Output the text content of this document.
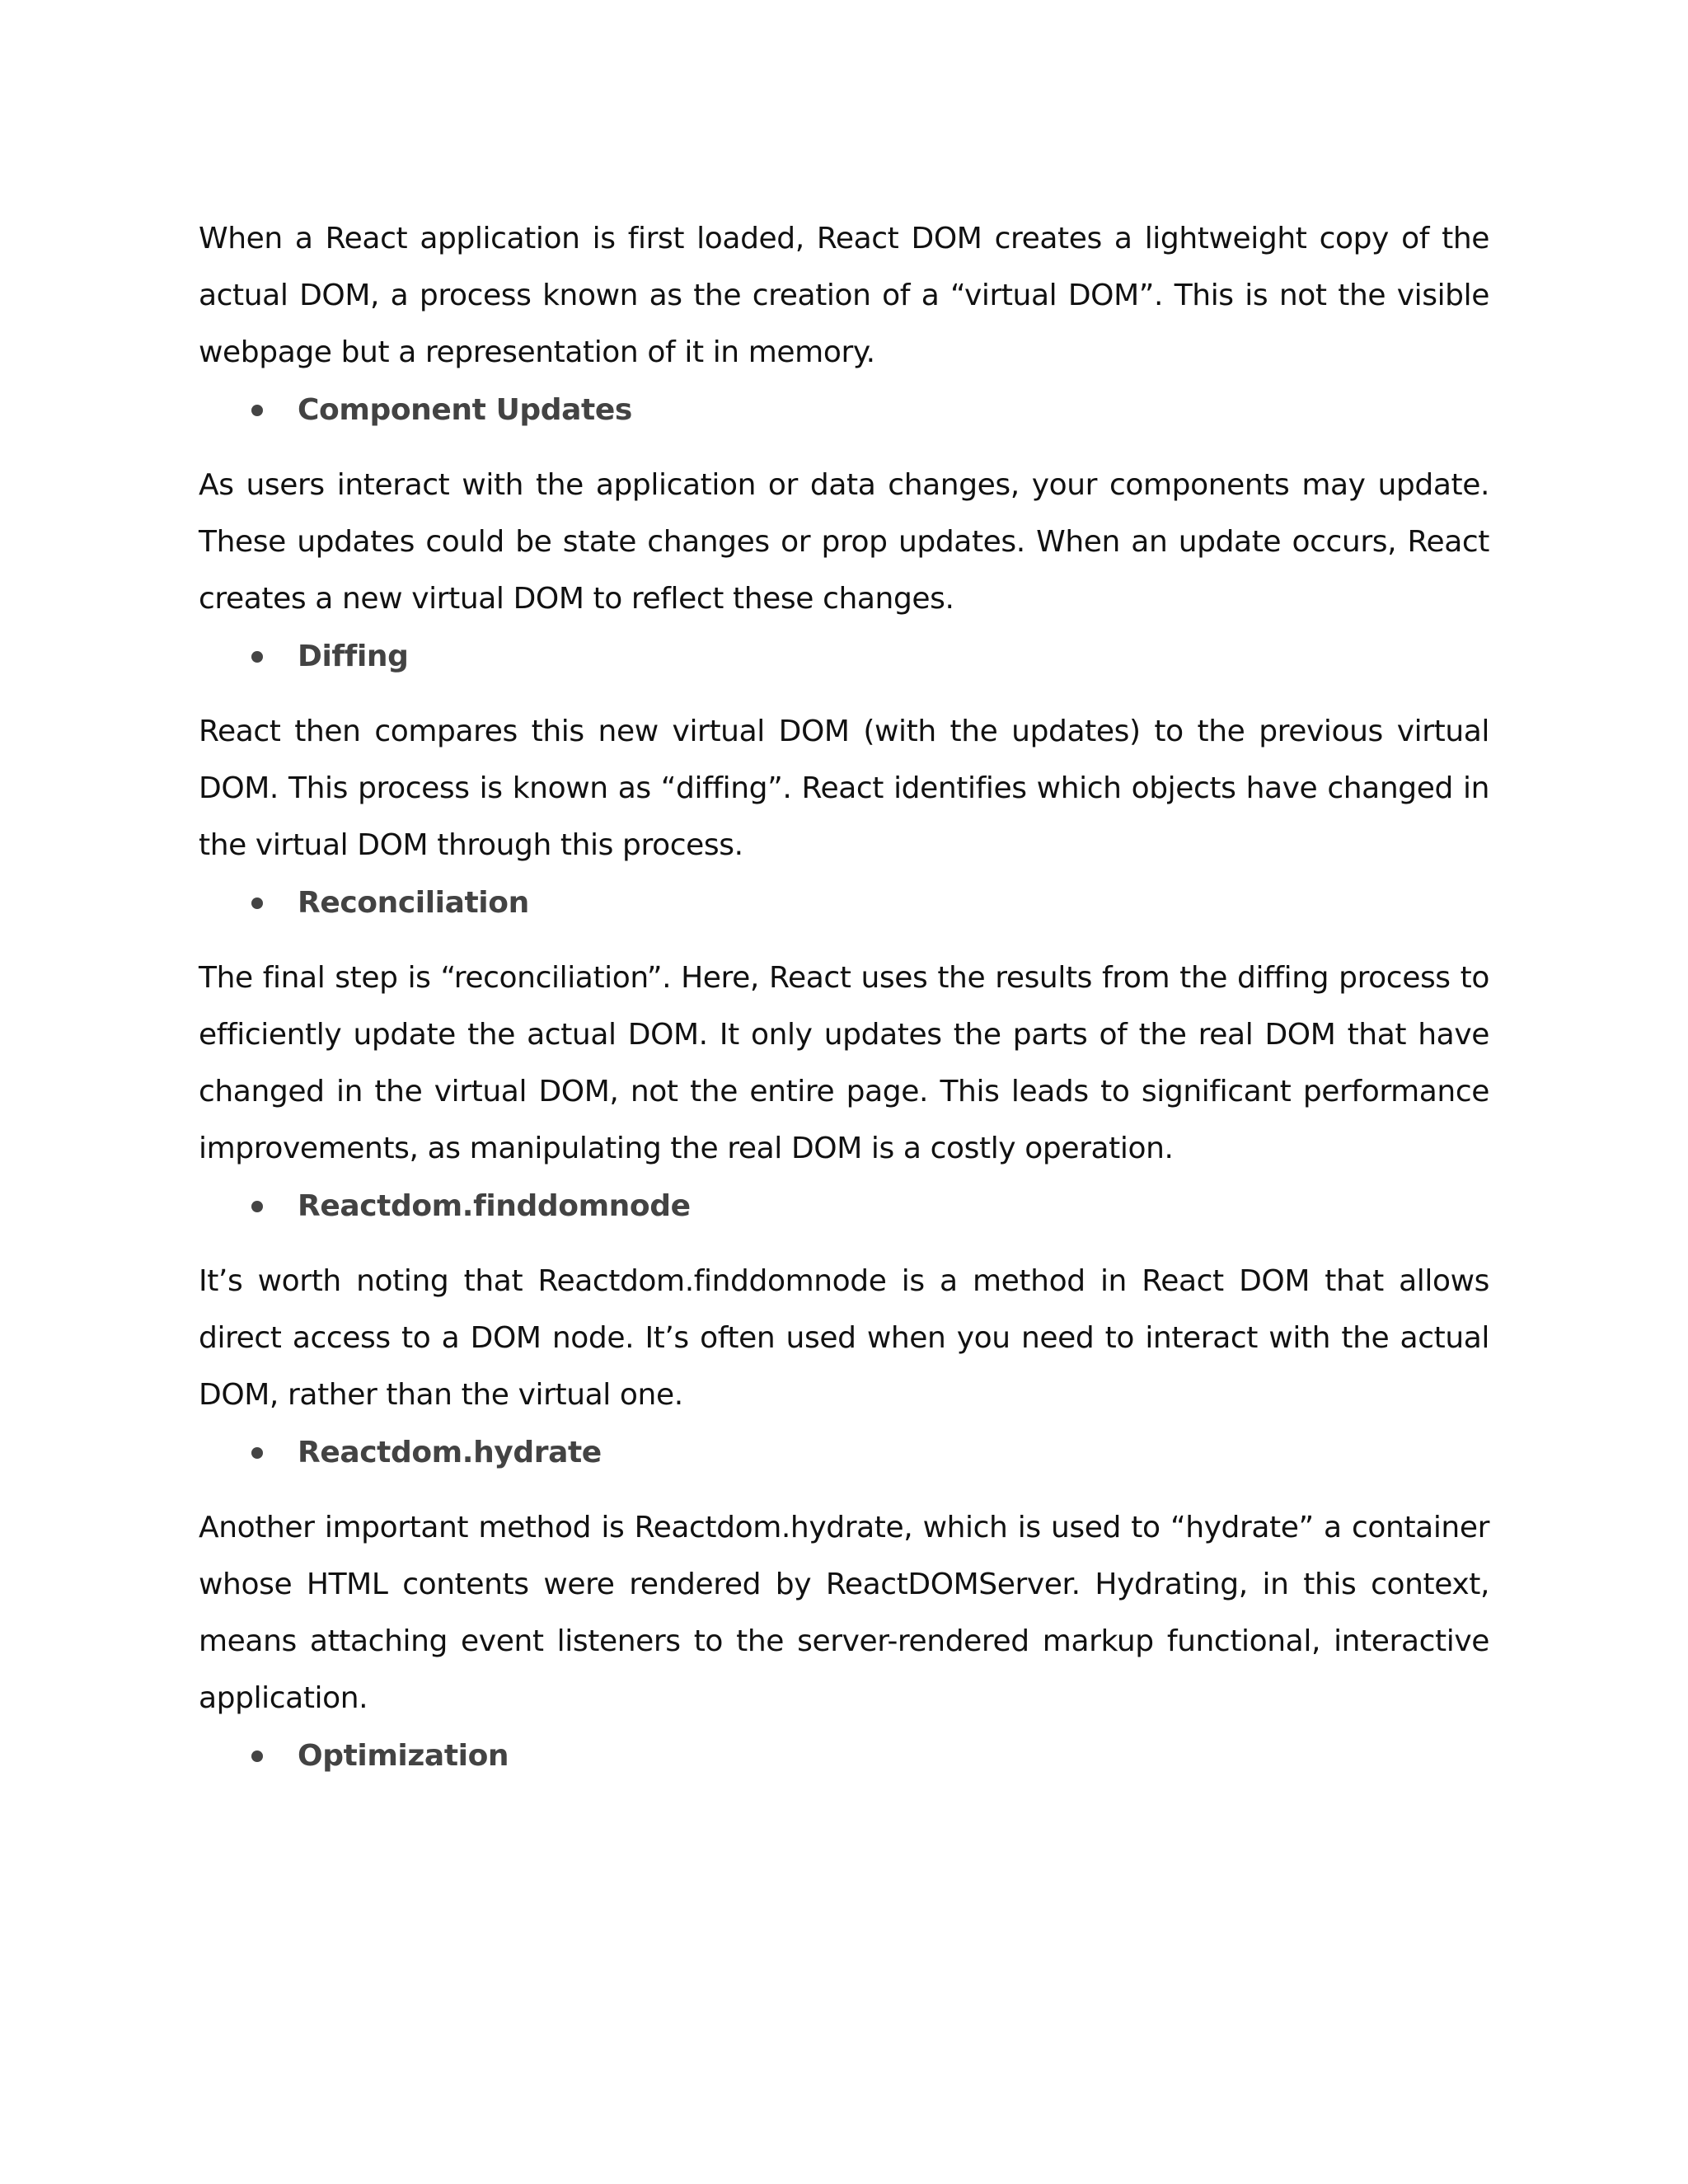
When a React application is first loaded, React DOM creates a lightweight copy of the actual DOM, a process known as the creation of a “virtual DOM”. This is not the visible webpage but a representation of it in memory.

Component Updates

As users interact with the application or data changes, your components may update. These updates could be state changes or prop updates. When an update occurs, React creates a new virtual DOM to reflect these changes.

Diffing

React then compares this new virtual DOM (with the updates) to the previous virtual DOM. This process is known as “diffing”. React identifies which objects have changed in the virtual DOM through this process.

Reconciliation

The final step is “reconciliation”. Here, React uses the results from the diffing process to efficiently update the actual DOM. It only updates the parts of the real DOM that have changed in the virtual DOM, not the entire page. This leads to significant performance improvements, as manipulating the real DOM is a costly operation.

Reactdom.finddomnode

It’s worth noting that Reactdom.finddomnode is a method in React DOM that allows direct access to a DOM node. It’s often used when you need to interact with the actual DOM, rather than the virtual one.

Reactdom.hydrate

Another important method is Reactdom.hydrate, which is used to “hydrate” a container whose HTML contents were rendered by ReactDOMServer. Hydrating, in this context, means attaching event listeners to the server-rendered markup functional, interactive application.

Optimization
